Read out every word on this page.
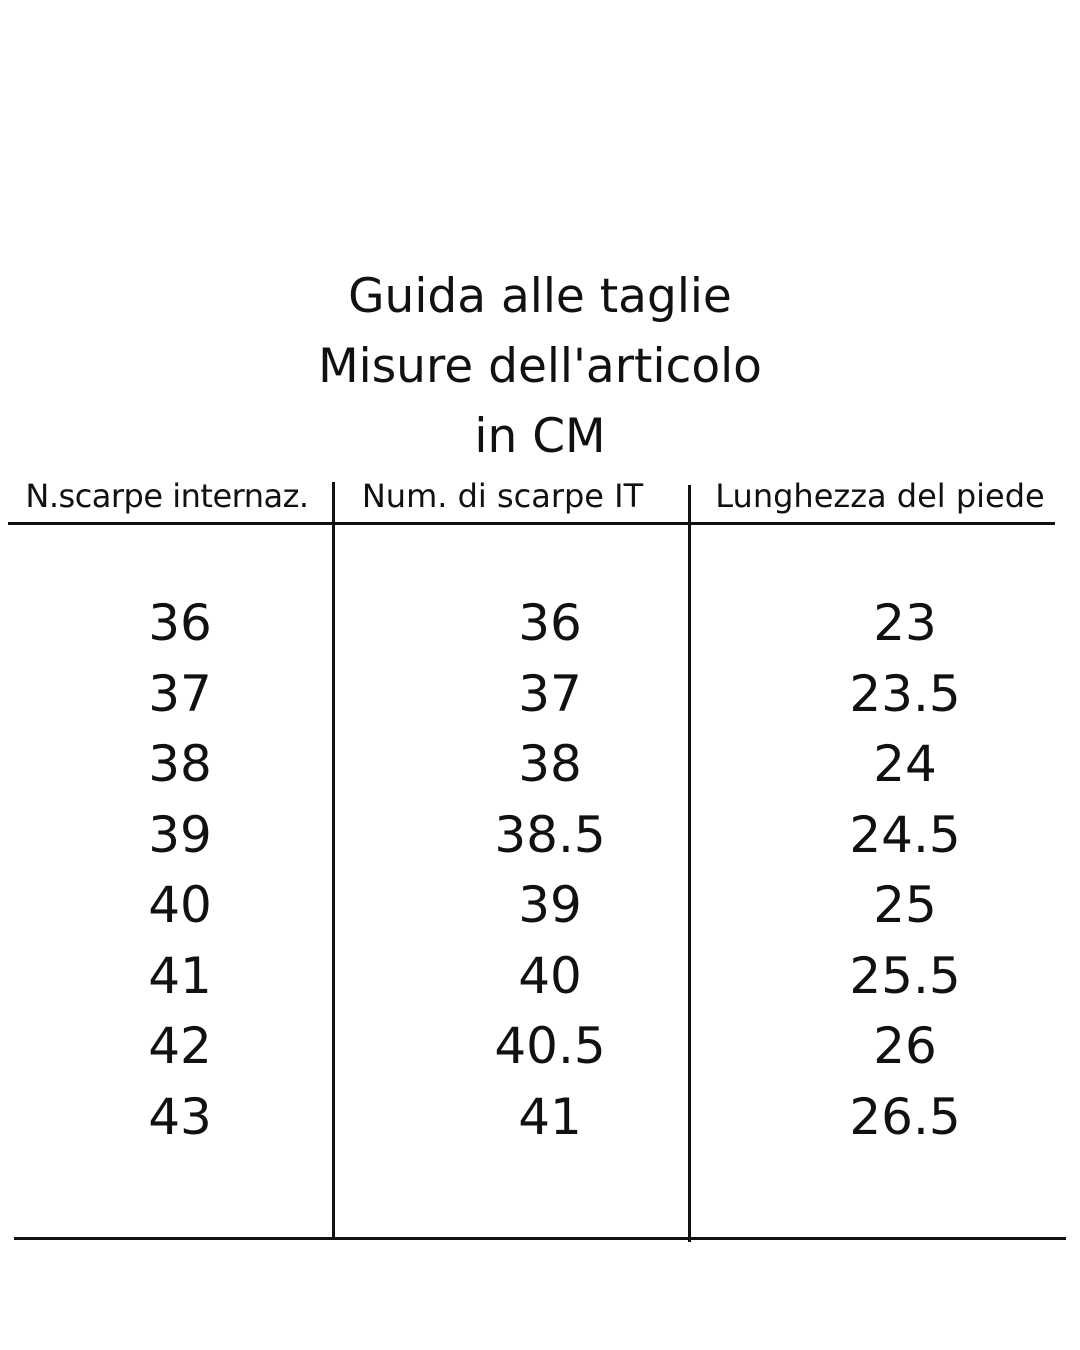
Guida alle taglie
Misure dell'articolo
in CM
N.scarpe internaz.	Num. di scarpe IT	Lunghezza del piede
36	36	23
37	37	23.5
38	38	24
39	38.5	24.5
40	39	25
41	40	25.5
42	40.5	26
43	41	26.5
